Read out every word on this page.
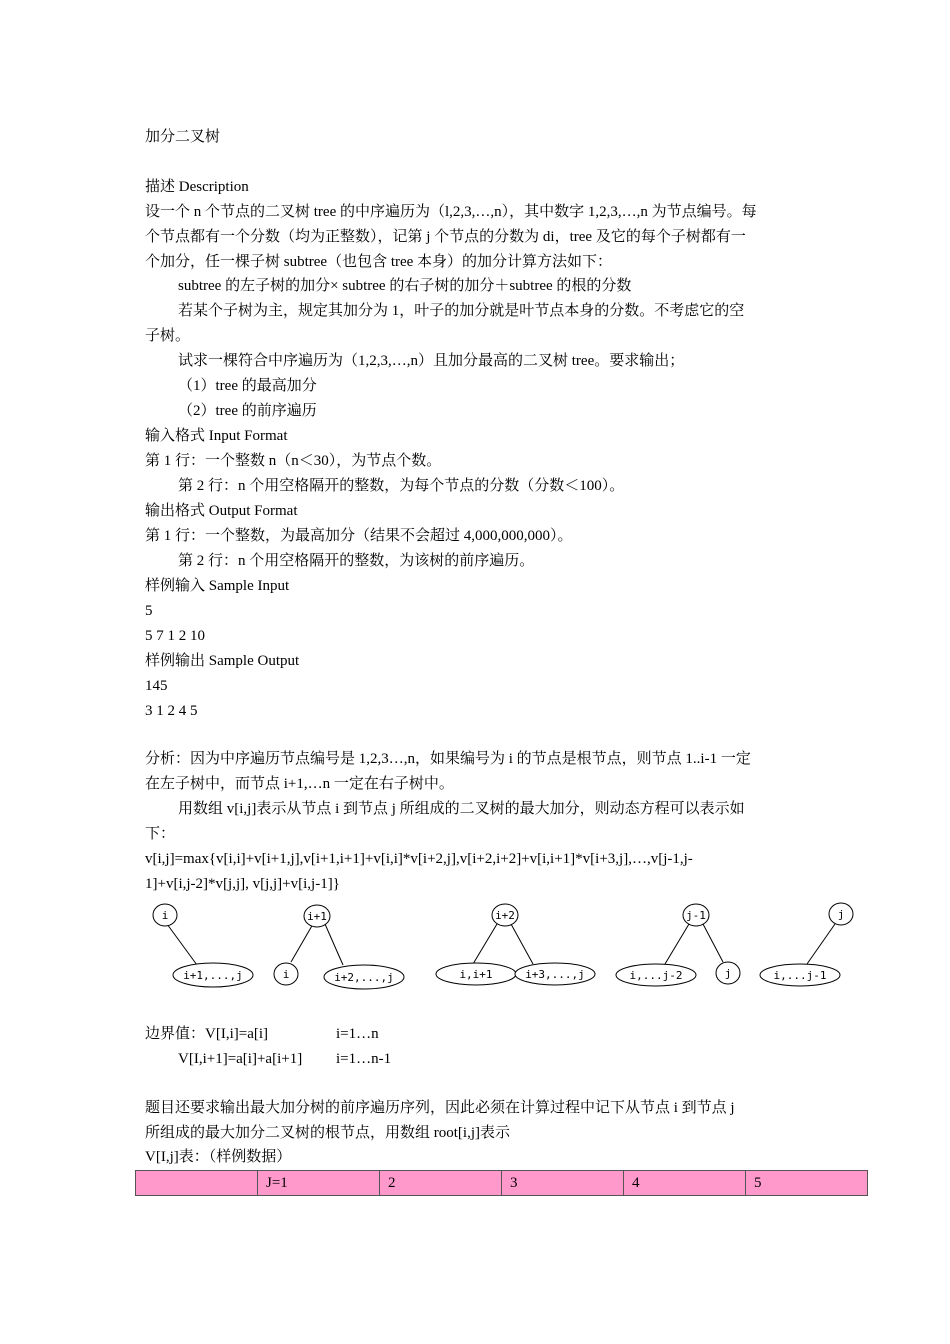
加分二叉树
描述 Description
设一个 n 个节点的二叉树 tree 的中序遍历为（l,2,3,…,n），其中数字 1,2,3,…,n 为节点编号。每
个节点都有一个分数（均为正整数），记第 j 个节点的分数为 di，tree 及它的每个子树都有一
个加分，任一棵子树 subtree（也包含 tree 本身）的加分计算方法如下：
subtree 的左子树的加分× subtree 的右子树的加分＋subtree 的根的分数
若某个子树为主，规定其加分为 1，叶子的加分就是叶节点本身的分数。不考虑它的空
子树。
试求一棵符合中序遍历为（1,2,3,…,n）且加分最高的二叉树 tree。要求输出；
（1）tree 的最高加分
（2）tree 的前序遍历
输入格式 Input Format
第 1 行：一个整数 n（n＜30），为节点个数。
第 2 行：n 个用空格隔开的整数，为每个节点的分数（分数＜100）。
输出格式 Output Format
第 1 行：一个整数，为最高加分（结果不会超过 4,000,000,000）。
第 2 行：n 个用空格隔开的整数，为该树的前序遍历。
样例输入 Sample Input
5
5 7 1 2 10
样例输出 Sample Output
145
3 1 2 4 5
分析：因为中序遍历节点编号是 1,2,3…,n，如果编号为 i 的节点是根节点，则节点 1..i-1 一定
在左子树中，而节点 i+1,…n 一定在右子树中。
用数组 v[i,j]表示从节点 i 到节点 j 所组成的二叉树的最大加分，则动态方程可以表示如
下：
v[i,j]=max{v[i,i]+v[i+1,j],v[i+1,i+1]+v[i,i]*v[i+2,j],v[i+2,i+2]+v[i,i+1]*v[i+3,j],…,v[j-1,j-
1]+v[i,j-2]*v[j,j], v[j,j]+v[i,j-1]}
i
i+1,...,j
i+1
i	i+2,...,j
i+2
i,i+1	i+3,...,j
j-1
i,...j-2	j
j
i,...j-1
边界值：V[I,i]=a[i]	i=1…n
V[I,i+1]=a[i]+a[i+1] i=1…n-1
题目还要求输出最大加分树的前序遍历序列，因此必须在计算过程中记下从节点 i 到节点 j
所组成的最大加分二叉树的根节点，用数组 root[i,j]表示
V[I,j]表：（样例数据）
	J=1	2	3	4	5
